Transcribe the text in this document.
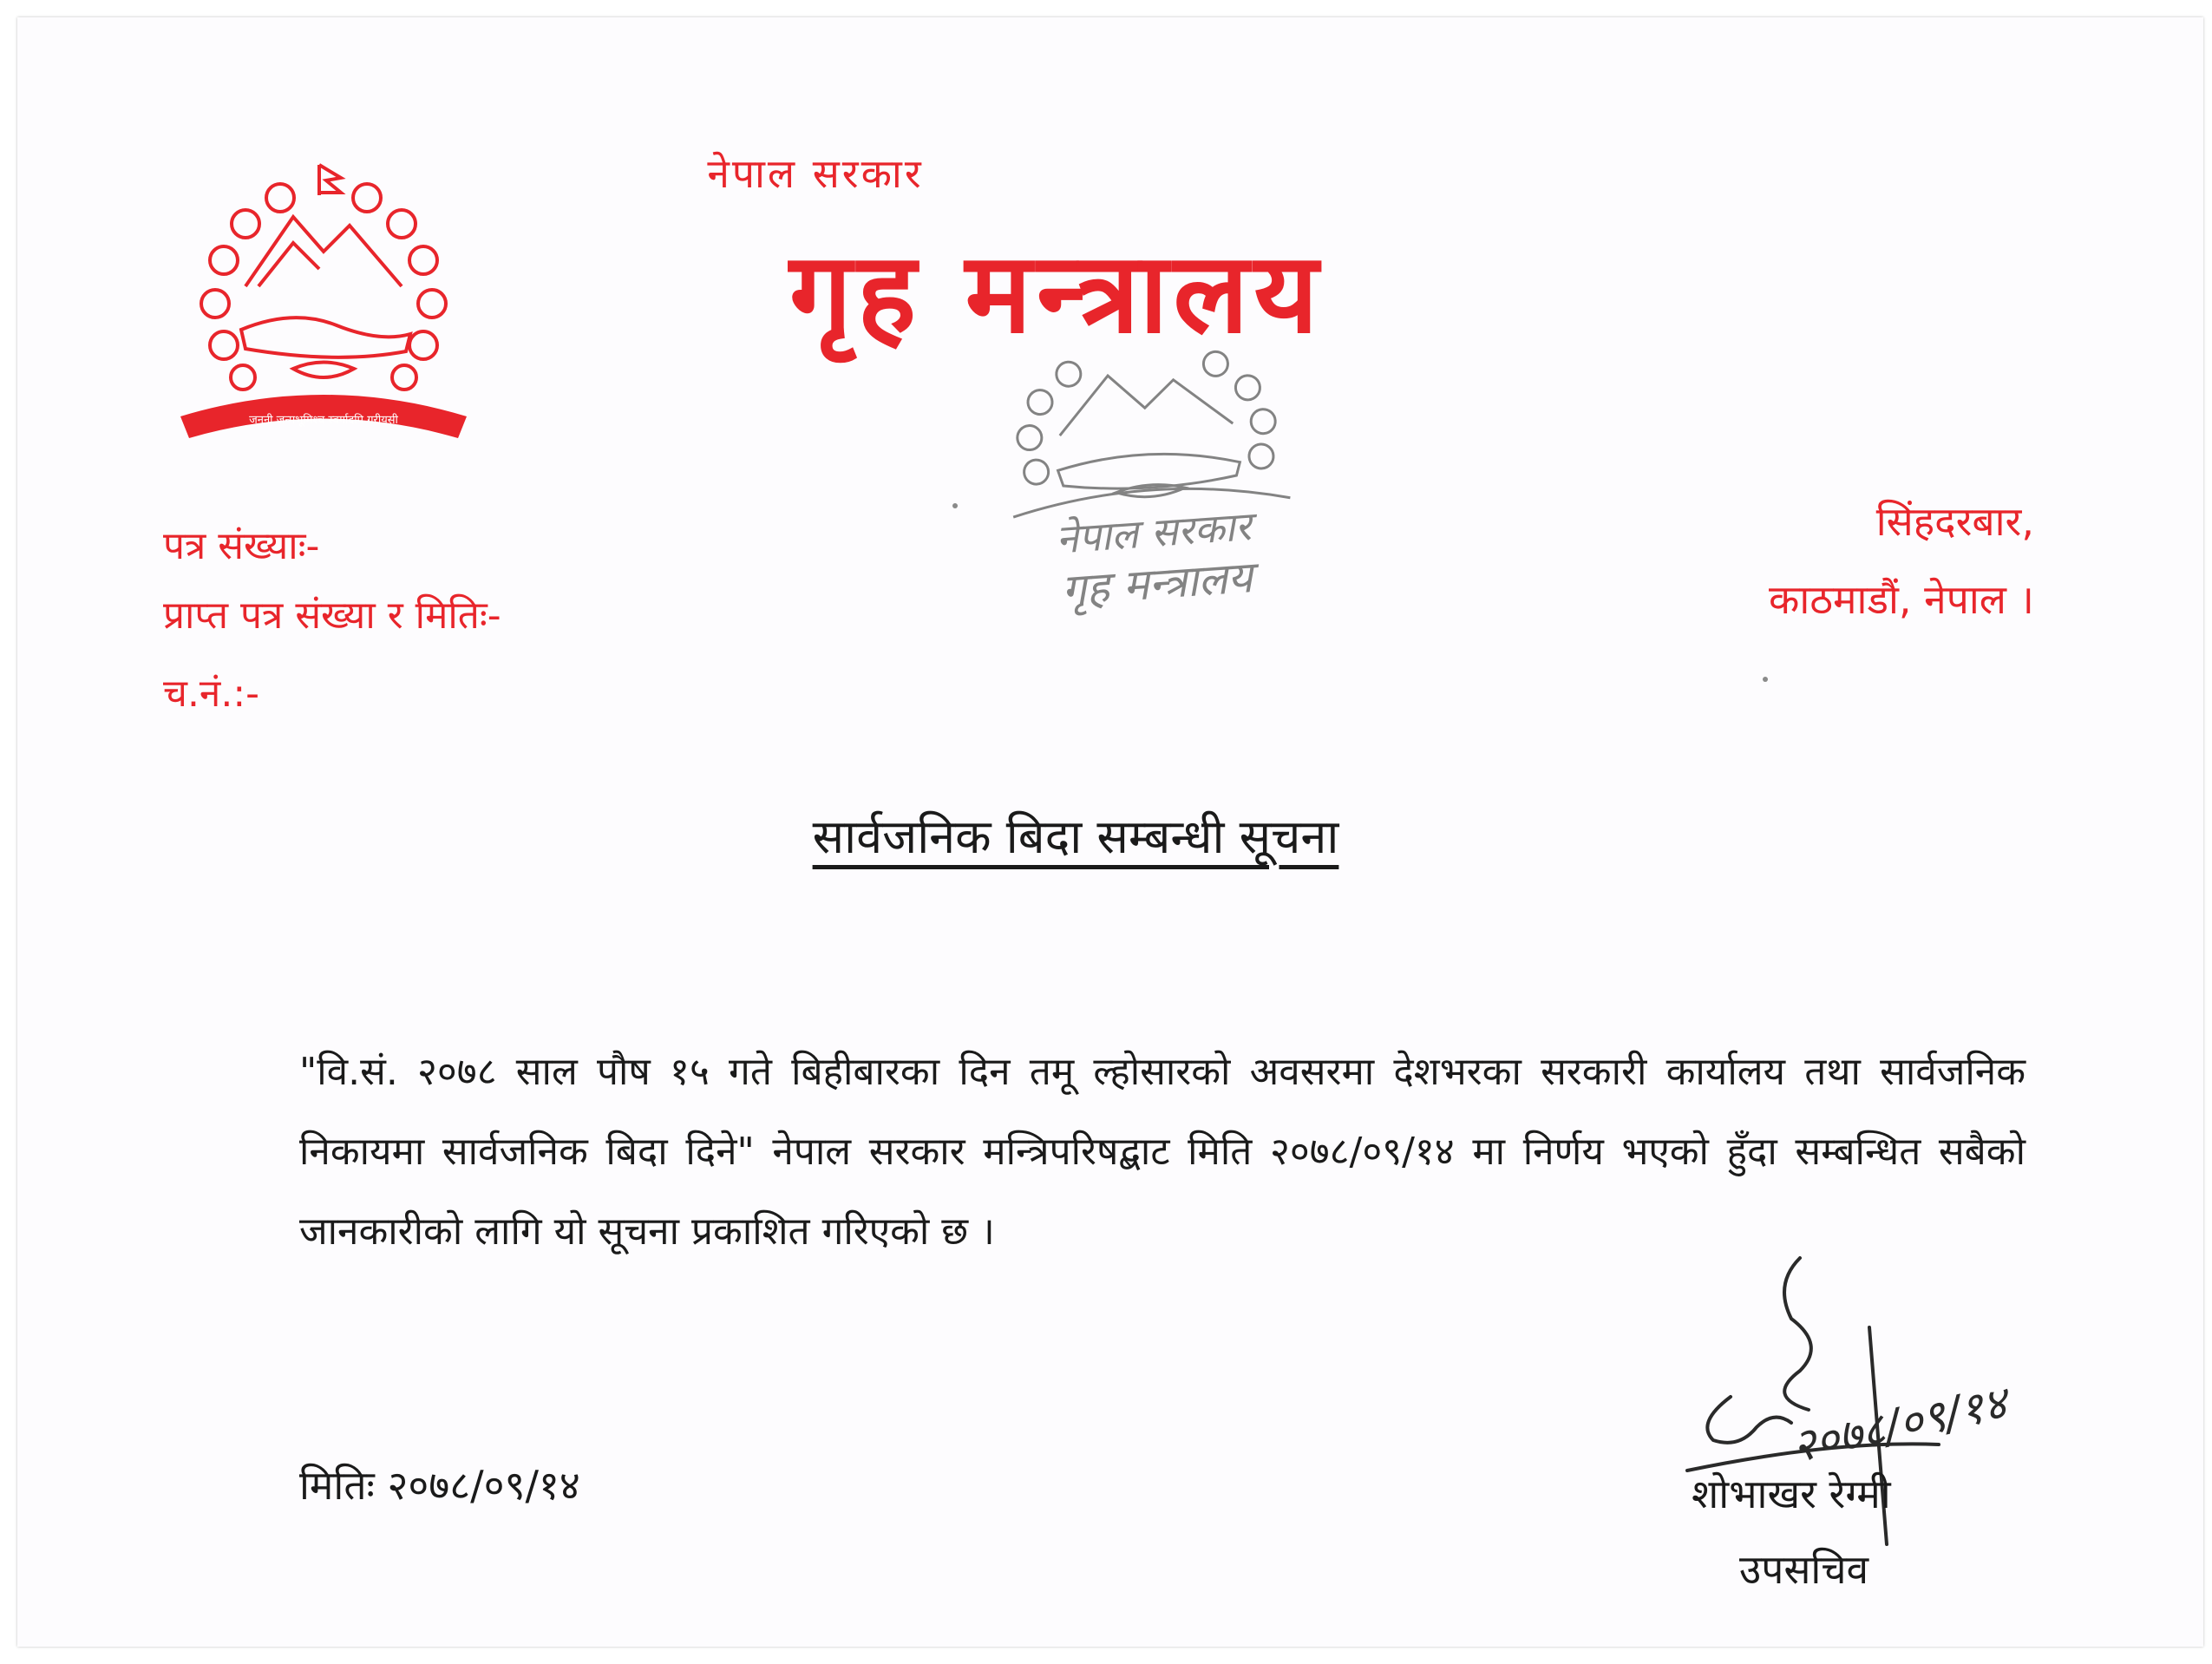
जननी जन्मभूमिश्च स्वर्गादपि गरीयसी
नेपाल सरकार
गृह मन्त्रालय
नेपाल सरकार
गृह मन्त्रालय
पत्र संख्याः-
प्राप्त पत्र संख्या र मितिः-
च.नं.:-
सिंहदरबार,
काठमाडौं, नेपाल ।
सार्वजनिक बिदा सम्बन्धी सूचना
"वि.सं. २०७८ साल पौष १५ गते बिहीबारका दिन तमू ल्होसारको अवसरमा देशभरका सरकारी कार्यालय तथा सार्वजनिक निकायमा सार्वजनिक बिदा दिने" नेपाल सरकार मन्त्रिपरिषद्बाट मिति २०७८/०९/१४ मा निर्णय भएको हुँदा सम्बन्धित सबैको जानकारीको लागि यो सूचना प्रकाशित गरिएको छ ।
मितिः २०७८/०९/१४
२०७८/०९/१४
शोभाखर रेग्मी
उपसचिव
